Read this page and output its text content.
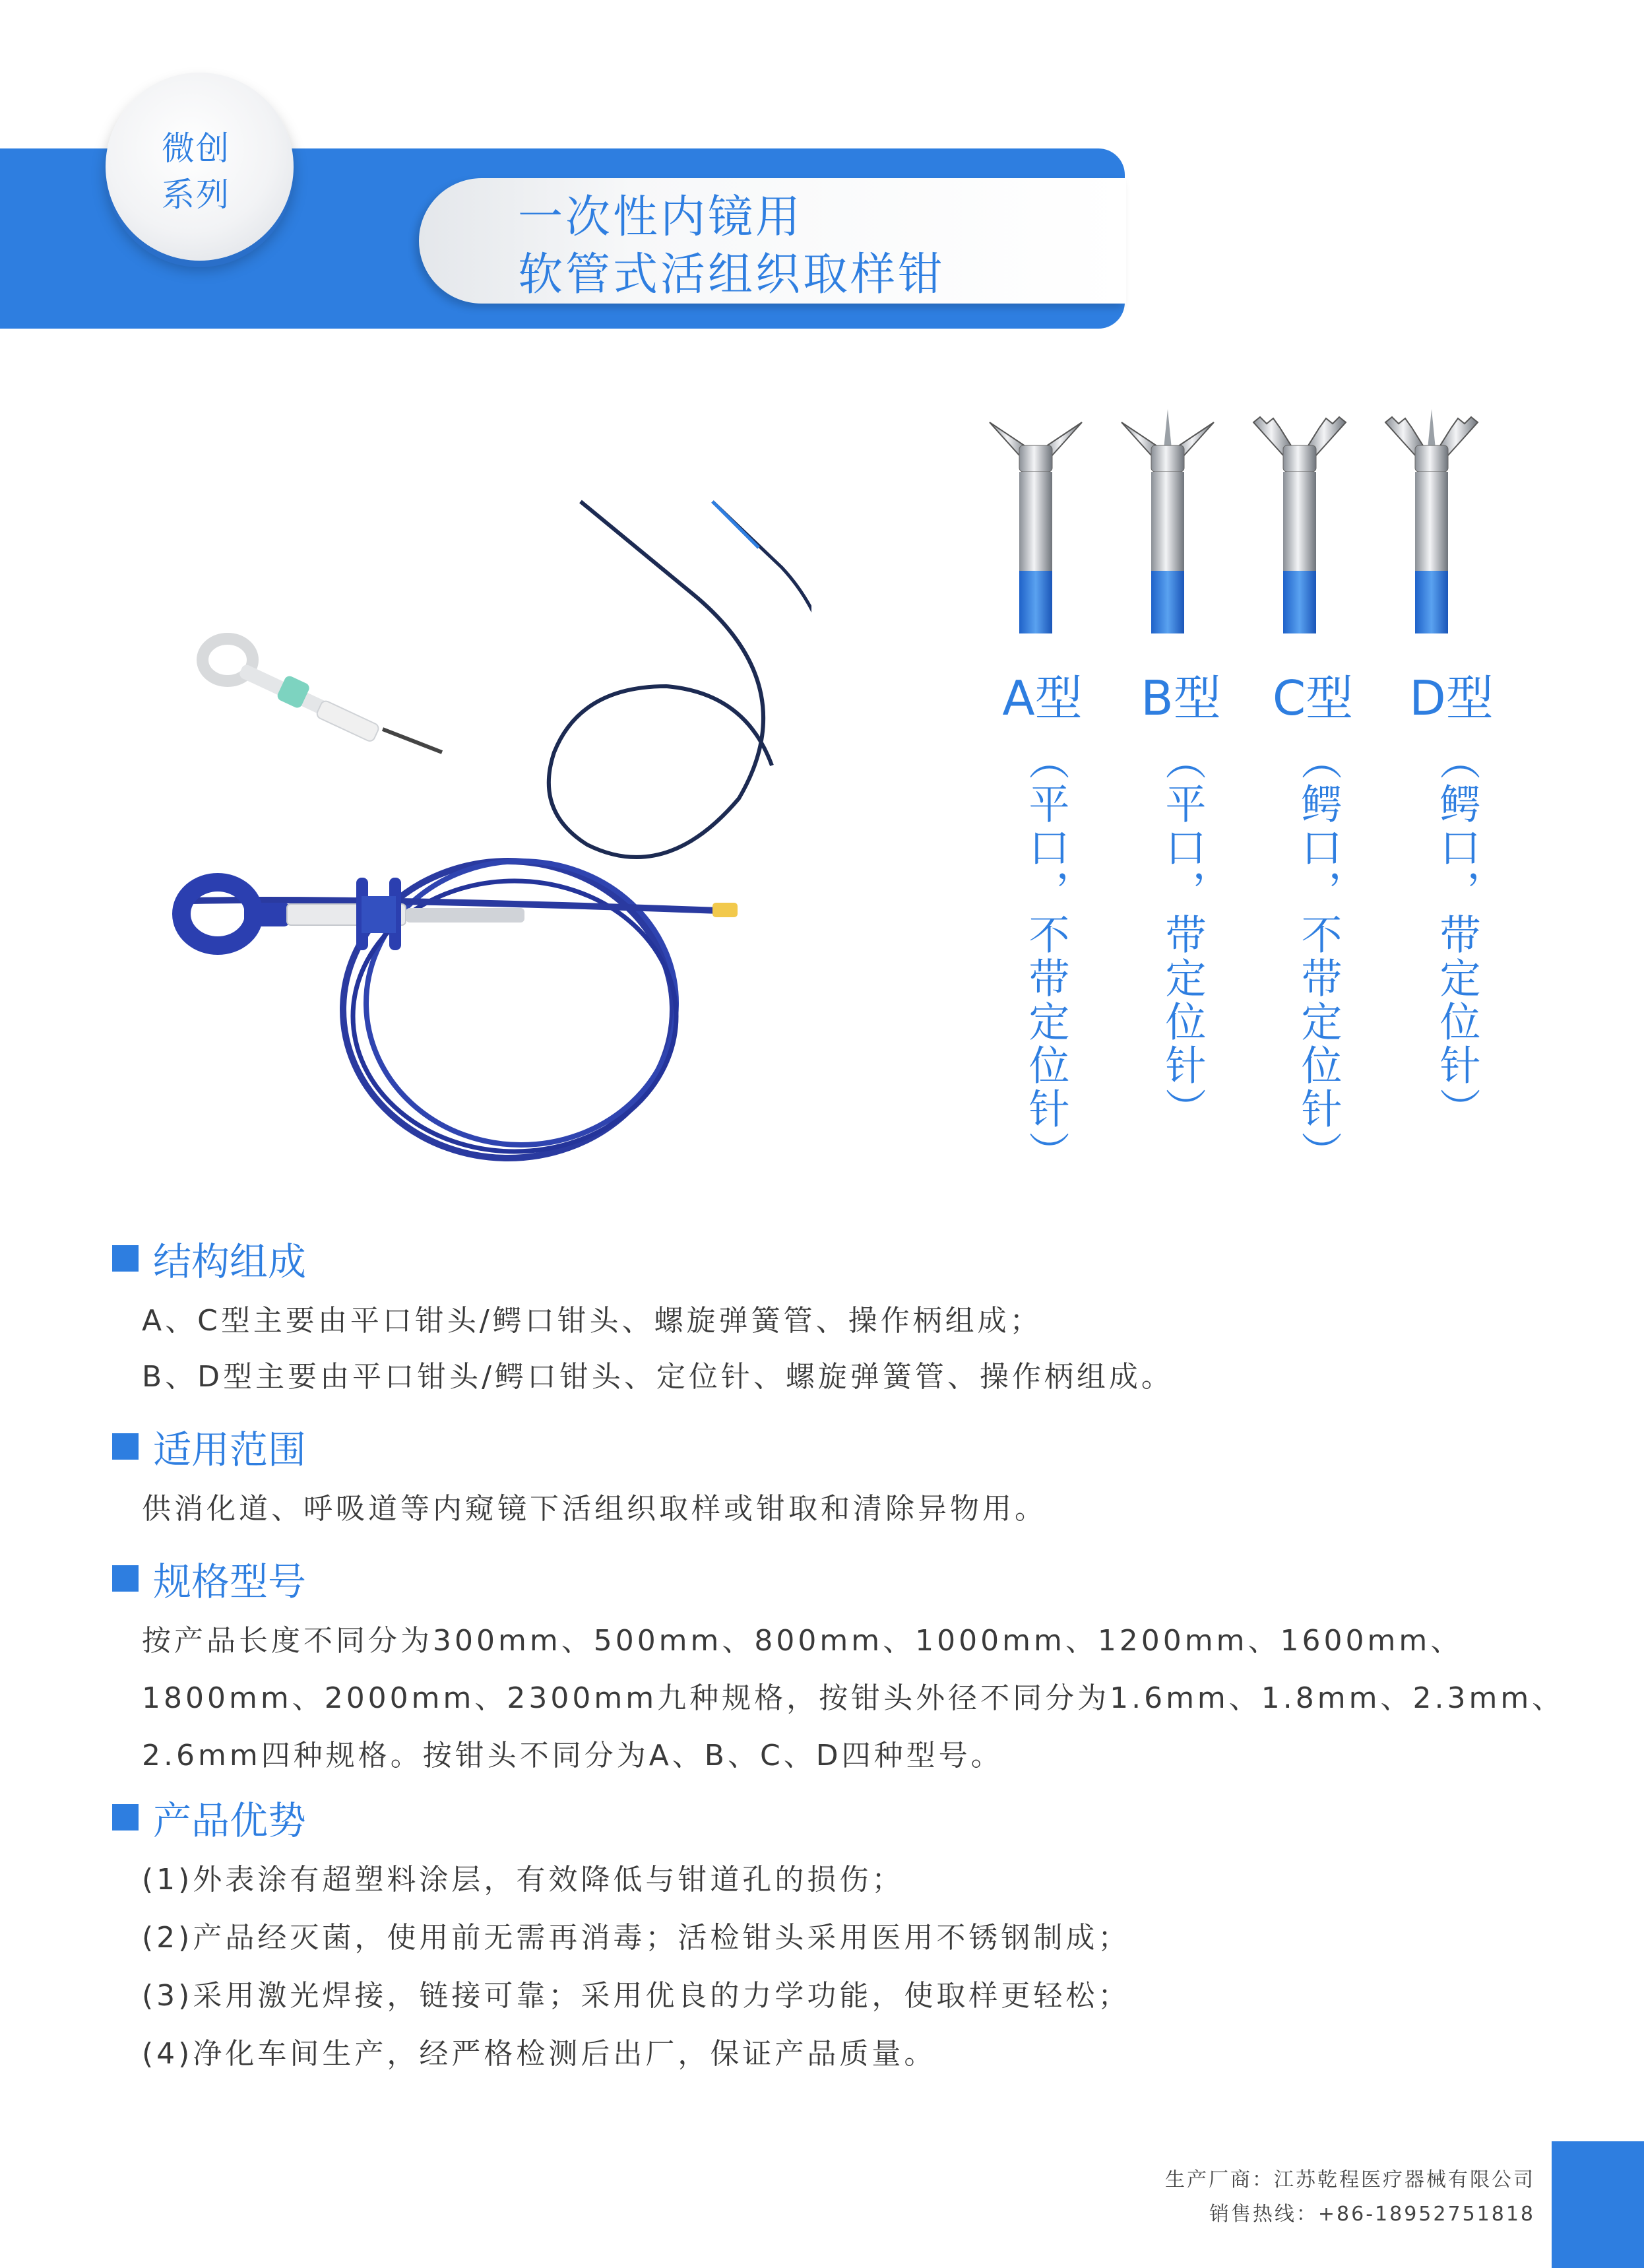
一次性内镜用
软管式活组织取样钳
微创
系列
A型 B型 C型 D型
（平口，不带定位针） （平口，带定位针） （鳄口，不带定位针） （鳄口，带定位针）
结构组成
A、C型主要由平口钳头/鳄口钳头、螺旋弹簧管、操作柄组成；
B、D型主要由平口钳头/鳄口钳头、定位针、螺旋弹簧管、操作柄组成。
适用范围
供消化道、呼吸道等内窥镜下活组织取样或钳取和清除异物用。
规格型号
按产品长度不同分为300mm、500mm、800mm、1000mm、1200mm、1600mm、
1800mm、2000mm、2300mm九种规格，按钳头外径不同分为1.6mm、1.8mm、2.3mm、
2.6mm四种规格。按钳头不同分为A、B、C、D四种型号。
产品优势
(1)外表涂有超塑料涂层，有效降低与钳道孔的损伤；
(2)产品经灭菌，使用前无需再消毒；活检钳头采用医用不锈钢制成；
(3)采用激光焊接，链接可靠；采用优良的力学功能，使取样更轻松；
(4)净化车间生产，经严格检测后出厂，保证产品质量。
生产厂商：江苏乾程医疗器械有限公司
销售热线：+86-18952751818
